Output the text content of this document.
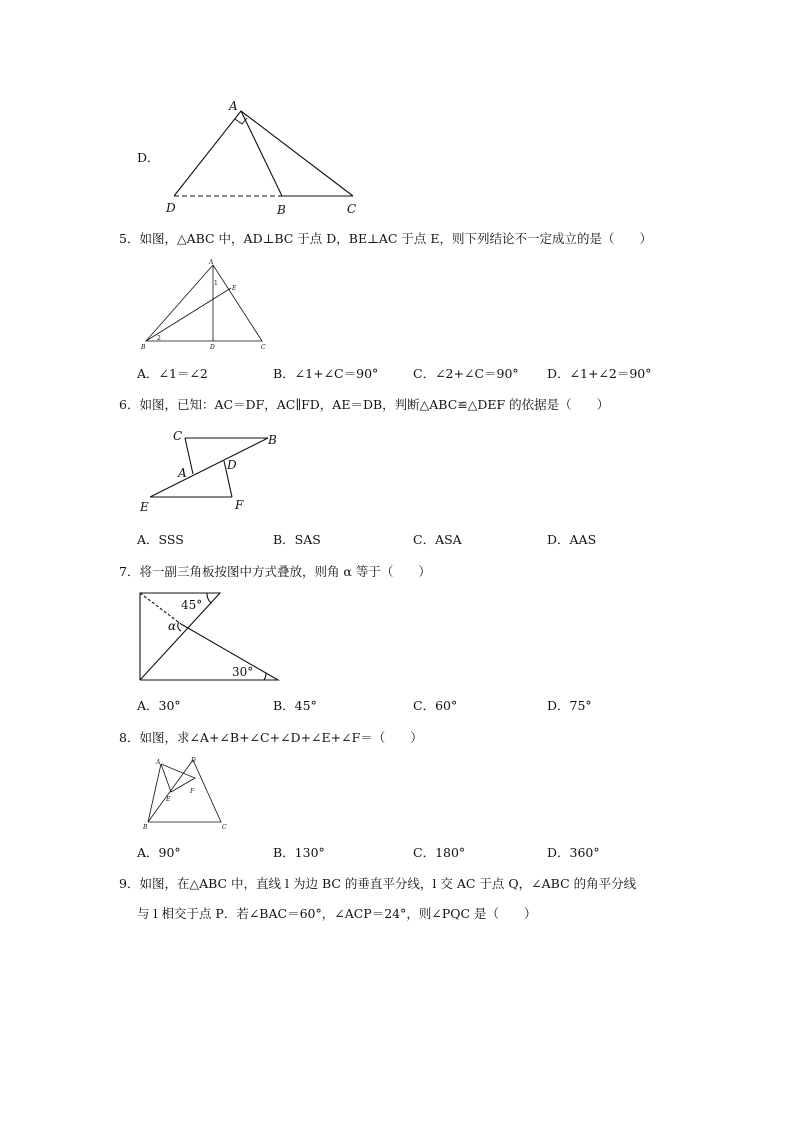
D．
A
D	B	C
5．如图，△ABC 中，AD⊥BC 于点 D，BE⊥AC 于点 E，则下列结论不一定成立的是（　　）
A
E
1
2
B	D	C
A．∠1＝∠2	B．∠1+∠C＝90°	C．∠2+∠C＝90° D．∠1+∠2＝90°
6．如图，已知：AC＝DF，AC∥FD，AE＝DB，判断△ABC≌△DEF 的依据是（　　）
C	B
A
D
E	F
A．SSS	B．SAS	C．ASA	D．AAS
7．将一副三角板按图中方式叠放，则角 α 等于（　　）
45°
α
30°
A．30°	B．45°	C．60°	D．75°
8．如图，求∠A+∠B+∠C+∠D+∠E+∠F＝（　　）
A	D
E
F
B	C
A．90°	B．130°	C．180°	D．360°
9．如图，在△ABC 中，直线 l 为边 BC 的垂直平分线，l 交 AC 于点 Q，∠ABC 的角平分线
与 l 相交于点 P．若∠BAC＝60°，∠ACP＝24°，则∠PQC 是（　　）
